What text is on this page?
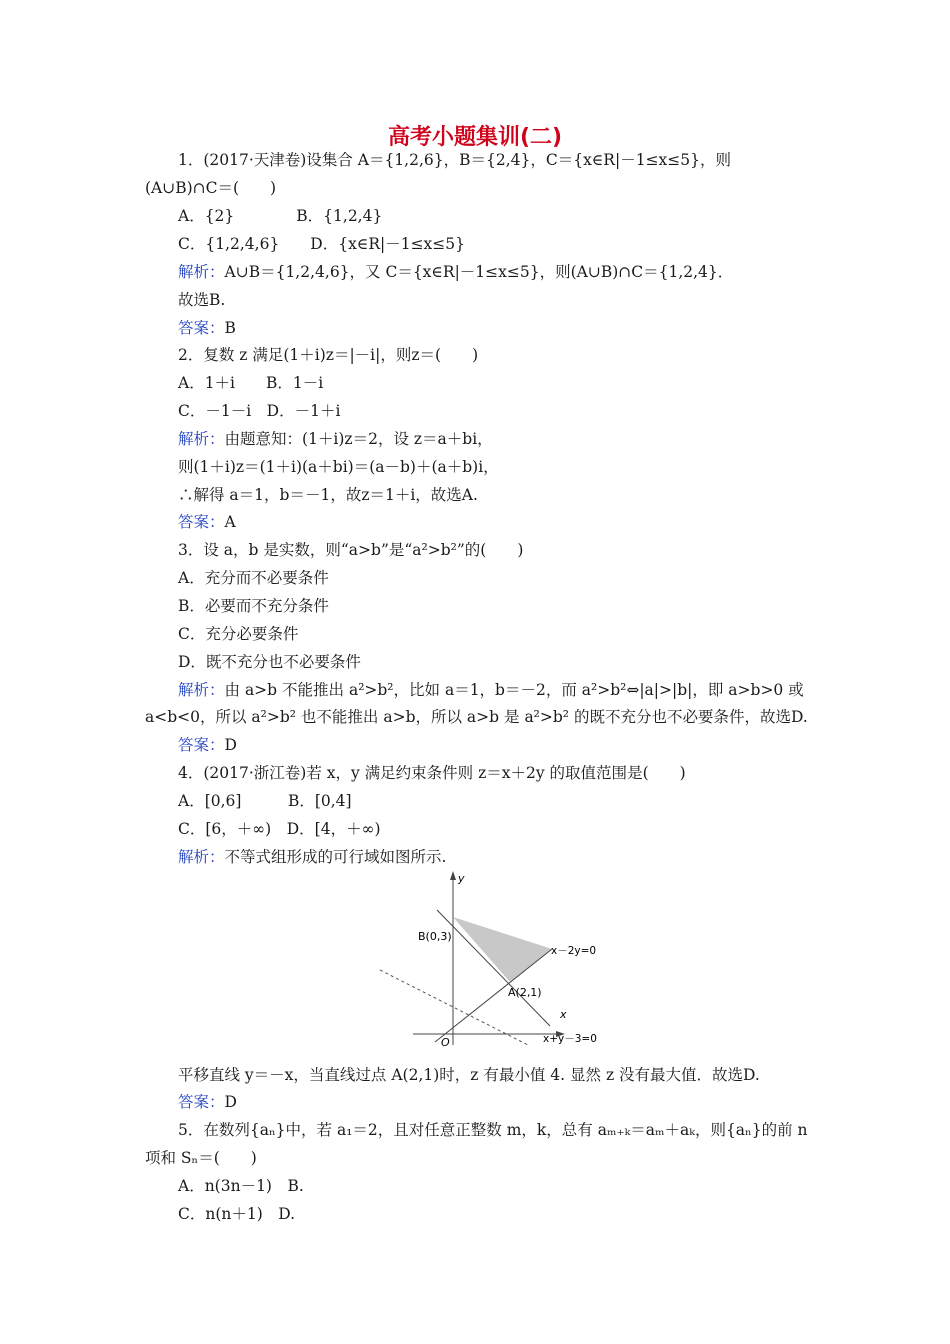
高考小题集训(二)
1．(2017·天津卷)设集合 A＝{1,2,6}，B＝{2,4}，C＝{x∈R|－1≤x≤5}，则
(A∪B)∩C＝(　　)
A．{2}　　　　B．{1,2,4}
C．{1,2,4,6}　　D．{x∈R|－1≤x≤5}
解析：A∪B＝{1,2,4,6}，又 C＝{x∈R|－1≤x≤5}，则(A∪B)∩C＝{1,2,4}．
故选B.
答案：B
2．复数 z 满足(1＋i)z＝|－i|，则z＝(　　)
A．1＋i　　B．1－i
C．－1－i　D．－1＋i
解析：由题意知：(1＋i)z＝2，设 z＝a＋bi，
则(1＋i)z＝(1＋i)(a＋bi)＝(a－b)＋(a＋b)i，
∴解得 a＝1，b＝－1，故z＝1＋i，故选A.
答案：A
3．设 a，b 是实数，则“a>b”是“a²>b²”的(　　)
A．充分而不必要条件
B．必要而不充分条件
C．充分必要条件
D．既不充分也不必要条件
解析：由 a>b 不能推出 a²>b²，比如 a＝1，b＝－2，而 a²>b²⇔|a|>|b|，即 a>b>0 或
a<b<0，所以 a²>b² 也不能推出 a>b，所以 a>b 是 a²>b² 的既不充分也不必要条件，故选D.
答案：D
4．(2017·浙江卷)若 x，y 满足约束条件则 z＝x＋2y 的取值范围是(　　)
A．[0,6]　　　B．[0,4]
C．[6，＋∞)　D．[4，＋∞)
解析：不等式组形成的可行域如图所示.
y
x
O
B(0,3)
A(2,1)
x－2y=0
x+y－3=0
平移直线 y＝－x，当直线过点 A(2,1)时，z 有最小值 4. 显然 z 没有最大值．故选D.
答案：D
5．在数列{aₙ}中，若 a₁＝2，且对任意正整数 m，k，总有 aₘ₊ₖ＝aₘ＋aₖ，则{aₙ}的前 n
项和 Sₙ＝(　　)
A．n(3n－1)　B.
C．n(n＋1)　D.
